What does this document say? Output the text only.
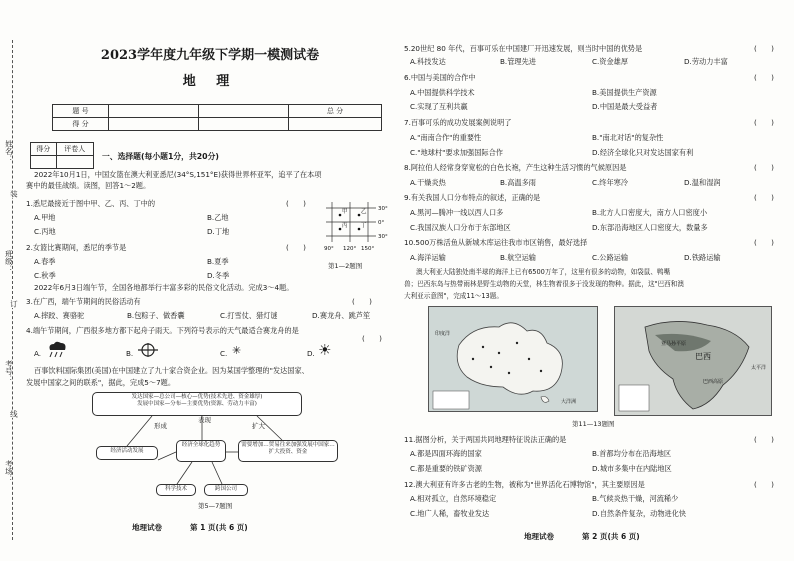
姓名：
班级：
考号：
考场：
装
订
线
2023学年度九年级下学期一模测试卷
地 理
题 号			总 分
得 分			
得分	评卷人

一、选择题(每小题1分，共20分)
2022年10月1日，中国女篮在澳大利亚悉尼(34°S,151°E)获得世界杯亚军，追平了在本项
赛中的最佳战绩。读图，回答1～2题。
1.悉尼最接近于图中甲、乙、丙、丁中的	(　　)
A.甲地	B.乙地
C.丙地	D.丁地
2.女篮比赛期间，悉尼的季节是	(　　)
A.春季	B.夏季
C.秋季	D.冬季
甲 乙
丙 丁
30°
0°
30°
90° 120° 150°
第1—2题图
2022年6月3日端午节，全国各地都举行丰富多彩的民俗文化活动。完成3～4题。
3.在广西，端午节期间的民俗活动有	(　　)
A.摔跤、赛骆驼	B.包粽子、做香囊	C.打雪仗、猎灯谜	D.赛龙舟、跳芦笙
4.端午节期间，广西很多地方都下起舟子雨天。下列符号表示的天气最适合赛龙舟的是
(　　)
A.	B.	C. ✳	D. ☀
百事饮料国际集团(美国)在中国建立了九十家合资企业。因为某国学整理的"发达国家、
发展中国家之间的联系"，据此，完成5～7题。
发达国家—总公司—核心—优势(技术先进、资金雄厚)
发展中国家—分布—主要优势(资源、劳动力丰富)
形成
表现
扩大
经济活动发展
经济全球化趋势	需要增加…贸易往来加强发展中国家…扩大投资、资金
科学技术	跨国公司
第5—7题图
地理试卷	第 1 页(共 6 页)
5.20世纪 80 年代，百事可乐在中国建厂开迅速发展，则当时中国的优势是	(　　)
A.科技发达	B.管理先进	C.资金雄厚	D.劳动力丰富
6.中国与美国的合作中	(　　)
A.中国提供科学技术	B.美国提供生产资源
C.实现了互利共赢	D.中国是最大受益者
7.百事可乐的成功发展案例说明了	(　　)
A."南南合作"的重要性	B."南北对话"的复杂性
C."地球村"要求加强国际合作	D.经济全球化只对发达国家有利
8.阿拉伯人经常身穿宽松的白色长袍，产生这种生活习惯的气候原因是	(　　)
A.干燥炎热	B.高温多雨	C.终年寒冷	D.温和湿润
9.有关我国人口分布特点的叙述，正确的是	(　　)
A.黑河—腾冲一线以西人口多	B.北方人口密度大，南方人口密度小
C.我国汉族人口分布于东部地区	D.东部沿海地区人口密度大，数量多
10.500万株活鱼从新城木库运往我市市区销售，最好选择	(　　)
A.海洋运输	B.航空运输	C.公路运输	D.铁路运输
澳大利亚大陆独处南半球的海洋上已有6500万年了，这里有很多的动物，如袋鼠、鸭嘴
兽；巴西东岛与热带雨林是野生动物的天堂，林生物着很多于没发现的物种。据此，这"巴西和澳
大利亚示意图"，完成11～13题。
印度洋
大洋洲
巴西
太平洋
亚马孙平原
巴西高原
第11—13题图
11.据图分析，关于两国共同地理特征说法正确的是	(　　)
A.都是四面环海的国家	B.首都均分布在沿海地区
C.都是重要的铁矿资源	D.城市多集中在内陆地区
12.澳大利亚有许多古老的生物，被称为"世界活化石博物馆"，其主要原因是	(　　)
A.相对孤立，自然环境稳定	B.气候炎热干燥，河流稀少
C.地广人稀，畜牧业发达	D.自然条件复杂，动物进化快
地理试卷	第 2 页(共 6 页)
